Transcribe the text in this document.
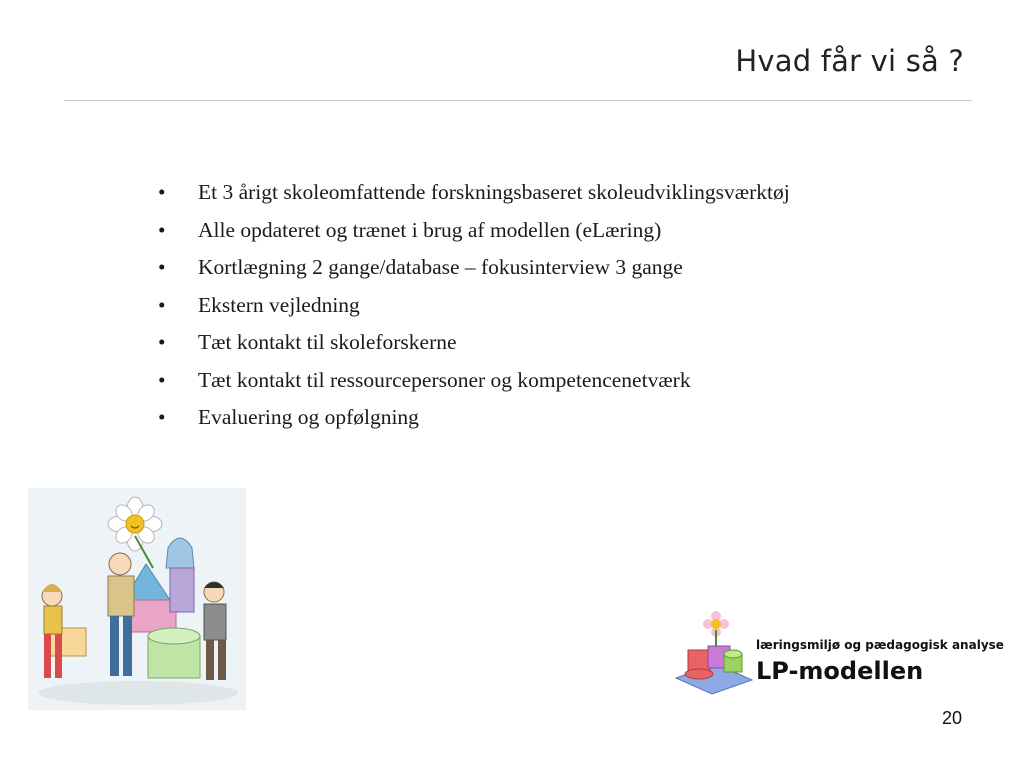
Hvad får vi så ?
•	Et 3 årigt skoleomfattende forskningsbaseret skoleudviklingsværktøj
•	Alle opdateret og trænet i brug af modellen (eLæring)
•	Kortlægning 2 gange/database – fokusinterview 3 gange
•	Ekstern vejledning
•	Tæt kontakt til skoleforskerne
•	Tæt kontakt til ressourcepersoner og kompetencenetværk
•	Evaluering og opfølgning
læringsmiljø og pædagogisk analyse
LP-modellen
20
